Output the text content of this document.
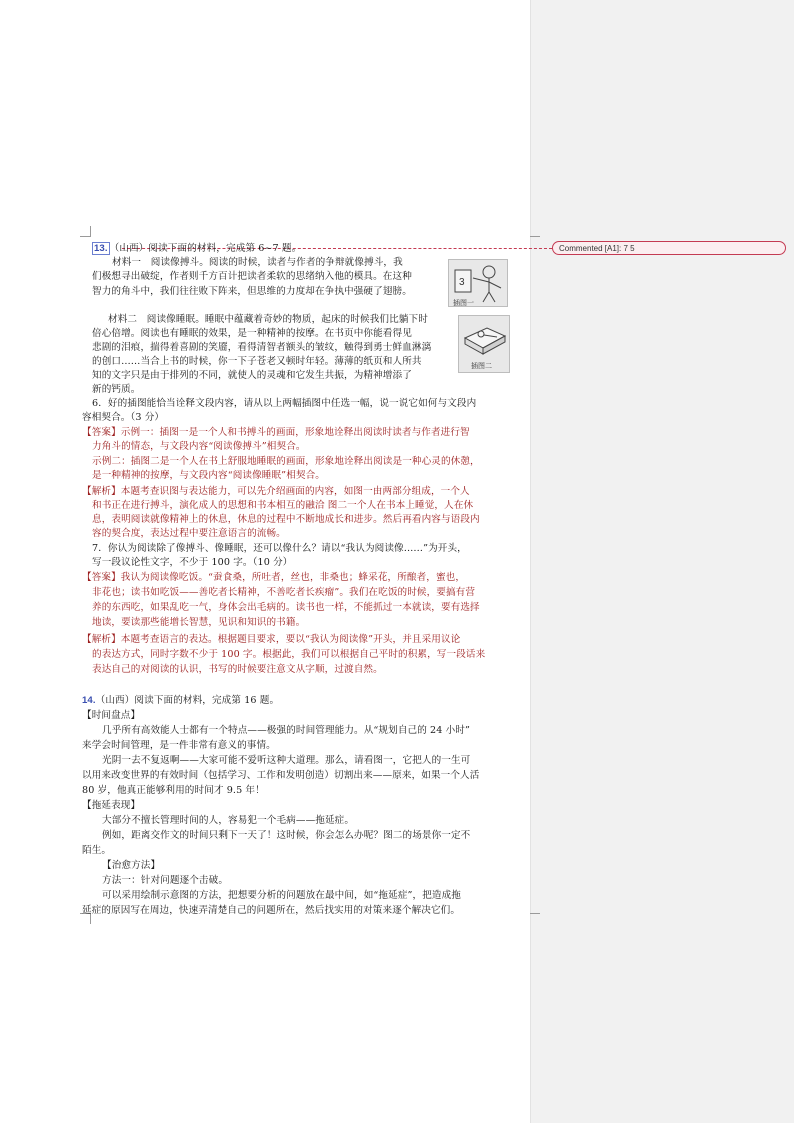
Commented [A1]: 7 5
13. （山西）阅读下面的材料，完成第 6~7 题。
材料一　阅读像搏斗。阅读的时候，读者与作者的争辩就像搏斗，我
们极想寻出破绽，作者则千方百计把读者柔软的思绪纳入他的模具。在这种
智力的角斗中，我们往往败下阵来，但思维的力度却在争执中强硬了翅膀。
3
插图一
材料二　阅读像睡眠。睡眠中蕴藏着奇妙的物质，起床的时候我们比躺下时
倍心倍增。阅读也有睡眠的效果，是一种精神的按摩。在书页中你能看得见
悲剧的泪痕，揣得着喜剧的笑靥，看得清智者额头的皱纹，触得到勇士鲜血淋漓
的创口……当合上书的时候，你一下子苍老又顿时年轻。薄薄的纸页和人所共
知的文字只是由于排列的不同，就使人的灵魂和它发生共振，为精神增添了
新的钙质。
插图二
6．好的插图能恰当诠释文段内容，请从以上两幅插图中任选一幅，说一说它如何与文段内
容相契合。（3 分）
【答案】示例一：插图一是一个人和书搏斗的画面，形象地诠释出阅读时读者与作者进行智
力角斗的情态，与文段内容“阅读像搏斗”相契合。
示例二：插图二是一个人在书上舒服地睡眠的画面，形象地诠释出阅读是一种心灵的休憩，
是一种精神的按摩，与文段内容“阅读像睡眠”相契合。
【解析】本题考查识图与表达能力，可以先介绍画面的内容，如图一由两部分组成，一个人
和书正在进行搏斗，演化成人的思想和书本相互的融洽 图二一个人在书本上睡觉，人在休
息，表明阅读就像精神上的休息，休息的过程中不断地成长和进步。然后再看内容与语段内
容的契合度，表达过程中要注意语言的流畅。
7．你认为阅读除了像搏斗、像睡眠，还可以像什么？请以“我认为阅读像……”为开头，
写一段议论性文字，不少于 100 字。（10 分）
【答案】我认为阅读像吃饭。“蚕食桑，所吐者，丝也，非桑也；蜂采花，所酿者，蜜也，
非花也；读书如吃饭——善吃者长精神，不善吃者长疾瘤”。我们在吃饭的时候，要搞有营
养的东西吃，如果乱吃一气，身体会出毛病的。读书也一样，不能抓过一本就读，要有选择
地读，要读那些能增长智慧，见识和知识的书籍。
【解析】本题考查语言的表达。根据题目要求，要以“我认为阅读像”开头，并且采用议论
的表达方式，同时字数不少于 100 字。根据此，我们可以根据自己平时的积累，写一段话来
表达自己的对阅读的认识，书写的时候要注意文从字顺，过渡自然。
14.（山西）阅读下面的材料，完成第 16 题。
【时间盘点】
几乎所有高效能人士都有一个特点——极强的时间管理能力。从“规划自己的 24 小时”
来学会时间管理，是一件非常有意义的事情。
光阴一去不复返啊——大家可能不爱听这种大道理。那么，请看图一，它把人的一生可
以用来改变世界的有效时间（包括学习、工作和发明创造）切割出来——原来，如果一个人活
80 岁，他真正能够利用的时间才 9.5 年！
【拖延表现】
大部分不擅长管理时间的人，容易犯一个毛病——拖延症。
例如，距离交作文的时间只剩下一天了！这时候，你会怎么办呢？图二的场景你一定不
陌生。
【治愈方法】
方法一：针对问题逐个击破。
可以采用绘制示意图的方法，把想要分析的问题放在最中间，如“拖延症”，把造成拖
延症的原因写在周边，快速弄清楚自己的问题所在，然后找实用的对策来逐个解决它们。
